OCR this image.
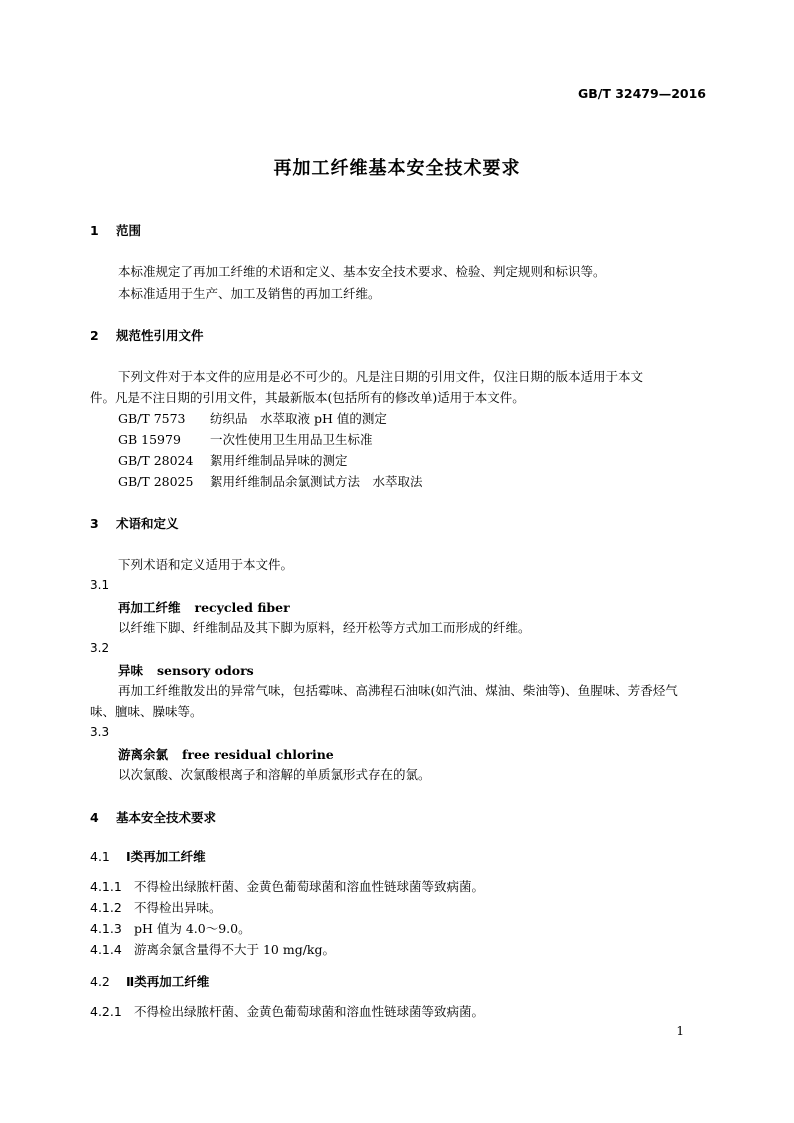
GB/T 32479—2016
再加工纤维基本安全技术要求
1 范围
本标准规定了再加工纤维的术语和定义、基本安全技术要求、检验、判定规则和标识等。
本标准适用于生产、加工及销售的再加工纤维。
2 规范性引用文件
下列文件对于本文件的应用是必不可少的。凡是注日期的引用文件，仅注日期的版本适用于本文
件。凡是不注日期的引用文件，其最新版本(包括所有的修改单)适用于本文件。
GB/T 7573 纺织品　水萃取液 pH 值的测定
GB 15979 一次性使用卫生用品卫生标准
GB/T 28024 絮用纤维制品异味的测定
GB/T 28025 絮用纤维制品余氯测试方法　水萃取法
3 术语和定义
下列术语和定义适用于本文件。
3.1
再加工纤维 recycled fiber
以纤维下脚、纤维制品及其下脚为原料，经开松等方式加工而形成的纤维。
3.2
异味 sensory odors
再加工纤维散发出的异常气味，包括霉味、高沸程石油味(如汽油、煤油、柴油等)、鱼腥味、芳香烃气
味、膻味、臊味等。
3.3
游离余氯 free residual chlorine
以次氯酸、次氯酸根离子和溶解的单质氯形式存在的氯。
4 基本安全技术要求
4.1 Ⅰ类再加工纤维
4.1.1 不得检出绿脓杆菌、金黄色葡萄球菌和溶血性链球菌等致病菌。
4.1.2 不得检出异味。
4.1.3 pH 值为 4.0～9.0。
4.1.4 游离余氯含量得不大于 10 mg/kg。
4.2 Ⅱ类再加工纤维
4.2.1 不得检出绿脓杆菌、金黄色葡萄球菌和溶血性链球菌等致病菌。
1
